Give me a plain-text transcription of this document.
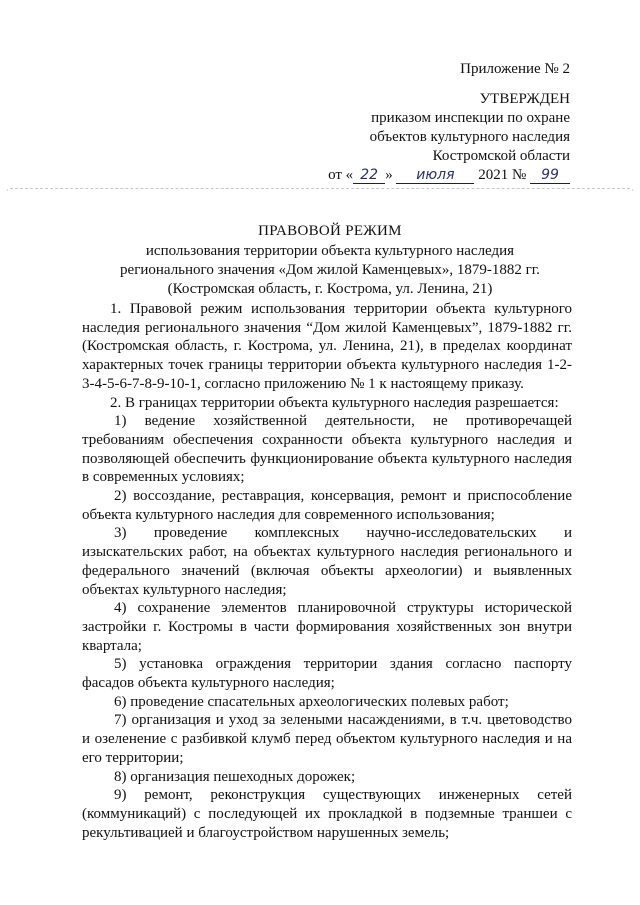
Приложение № 2
УТВЕРЖДЕН
приказом инспекции по охране
объектов культурного наследия
Костромской области
от « 22 » июля 2021 № 99
·	·
ПРАВОВОЙ РЕЖИМ
использования территории объекта культурного наследия
регионального значения «Дом жилой Каменцевых», 1879-1882 гг.
(Костромская область, г. Кострома, ул. Ленина, 21)

1. Правовой режим использования территории объекта культурного наследия регионального значения “Дом жилой Каменцевых”, 1879-1882 гг. (Костромская область, г. Кострома, ул. Ленина, 21), в пределах координат характерных точек границы территории объекта культурного наследия 1-2-3-4-5-6-7-8-9-10-1, согласно приложению № 1 к настоящему приказу.

2. В границах территории объекта культурного наследия разрешается:

1) ведение хозяйственной деятельности, не противоречащей требованиям обеспечения сохранности объекта культурного наследия и позволяющей обеспечить функционирование объекта культурного наследия в современных условиях;

2) воссоздание, реставрация, консервация, ремонт и приспособление объекта культурного наследия для современного использования;

3) проведение комплексных научно-исследовательских и изыскательских работ, на объектах культурного наследия регионального и федерального значений (включая объекты археологии) и выявленных объектах культурного наследия;

4) сохранение элементов планировочной структуры исторической застройки г. Костромы в части формирования хозяйственных зон внутри квартала;

5) установка ограждения территории здания согласно паспорту фасадов объекта культурного наследия;

6) проведение спасательных археологических полевых работ;

7) организация и уход за зелеными насаждениями, в т.ч. цветоводство и озеленение с разбивкой клумб перед объектом культурного наследия и на его территории;

8) организация пешеходных дорожек;

9) ремонт, реконструкция существующих инженерных сетей (коммуникаций) с последующей их прокладкой в подземные траншеи с рекультивацией и благоустройством нарушенных земель;
